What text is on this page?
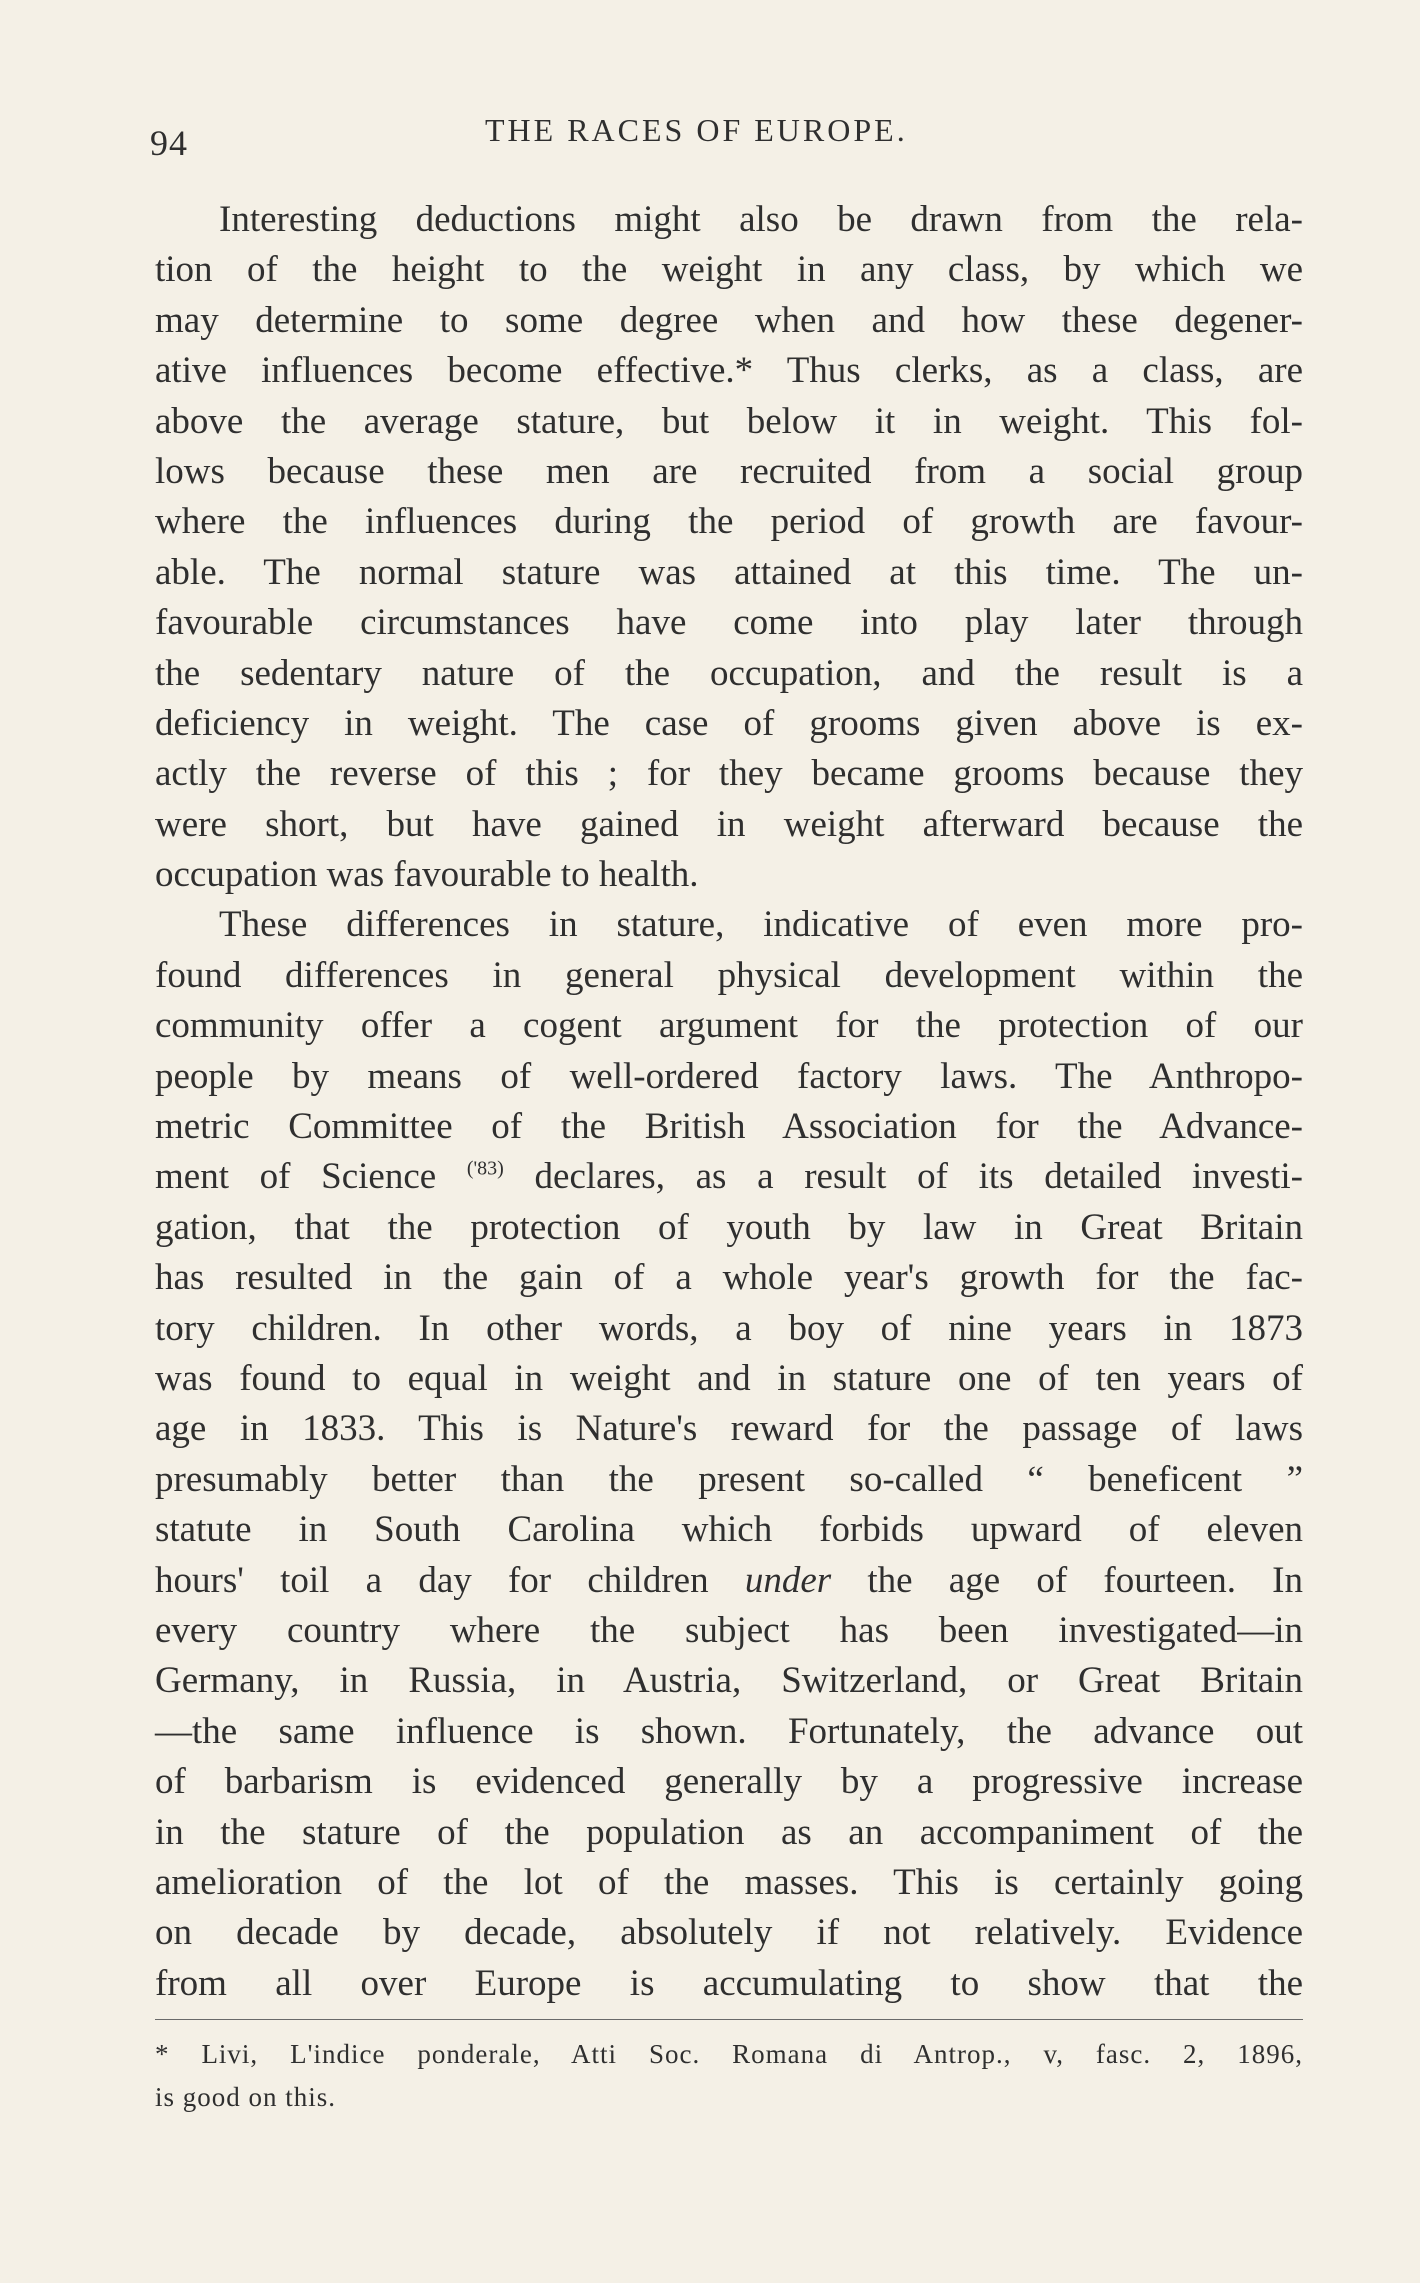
94	THE RACES OF EUROPE.
Interesting deductions might also be drawn from the rela-
tion of the height to the weight in any class, by which we
may determine to some degree when and how these degener-
ative influences become effective.* Thus clerks, as a class, are
above the average stature, but below it in weight. This fol-
lows because these men are recruited from a social group
where the influences during the period of growth are favour-
able. The normal stature was attained at this time. The un-
favourable circumstances have come into play later through
the sedentary nature of the occupation, and the result is a
deficiency in weight. The case of grooms given above is ex-
actly the reverse of this ; for they became grooms because they
were short, but have gained in weight afterward because the
occupation was favourable to health.
These differences in stature, indicative of even more pro-
found differences in general physical development within the
community offer a cogent argument for the protection of our
people by means of well-ordered factory laws. The Anthropo-
metric Committee of the British Association for the Advance-
ment of Science $^{('83)}$ declares, as a result of its detailed investi-
gation, that the protection of youth by law in Great Britain
has resulted in the gain of a whole year's growth for the fac-
tory children. In other words, a boy of nine years in 1873
was found to equal in weight and in stature one of ten years of
age in 1833. This is Nature's reward for the passage of laws
presumably better than the present so-called “ beneficent ”
statute in South Carolina which forbids upward of eleven
hours' toil a day for children under the age of fourteen. In
every country where the subject has been investigated—in
Germany, in Russia, in Austria, Switzerland, or Great Britain
—the same influence is shown. Fortunately, the advance out
of barbarism is evidenced generally by a progressive increase
in the stature of the population as an accompaniment of the
amelioration of the lot of the masses. This is certainly going
on decade by decade, absolutely if not relatively. Evidence
from all over Europe is accumulating to show that the
* Livi, L'indice ponderale, Atti Soc. Romana di Antrop., v, fasc. 2, 1896,
is good on this.
